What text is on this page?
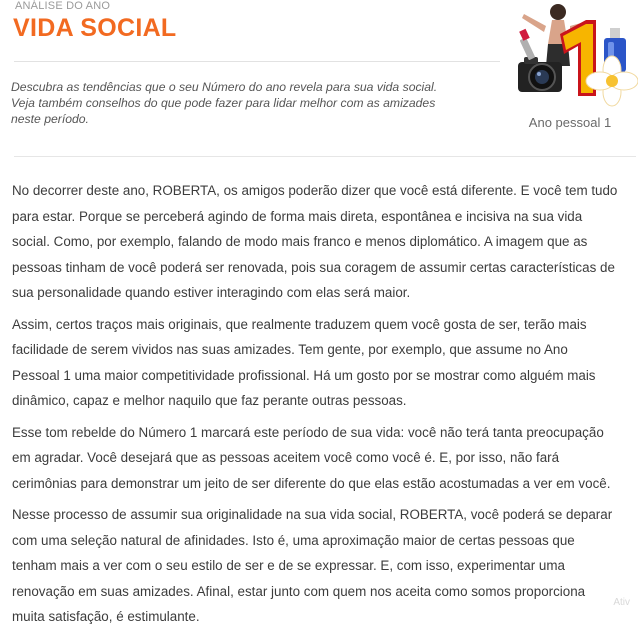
ANÁLISE DO ANO
VIDA SOCIAL

Descubra as tendências que o seu Número do ano revela para sua vida social.

Veja também conselhos do que pode fazer para lidar melhor com as amizades

neste período.	Ano pessoal 1

No decorrer deste ano, ROBERTA, os amigos poderão dizer que você está diferente. E você tem tudo
para estar. Porque se perceberá agindo de forma mais direta, espontânea e incisiva na sua vida
social. Como, por exemplo, falando de modo mais franco e menos diplomático. A imagem que as
pessoas tinham de você poderá ser renovada, pois sua coragem de assumir certas características de
sua personalidade quando estiver interagindo com elas será maior.

Assim, certos traços mais originais, que realmente traduzem quem você gosta de ser, terão mais
facilidade de serem vividos nas suas amizades. Tem gente, por exemplo, que assume no Ano
Pessoal 1 uma maior competitividade profissional. Há um gosto por se mostrar como alguém mais
dinâmico, capaz e melhor naquilo que faz perante outras pessoas.

Esse tom rebelde do Número 1 marcará este período de sua vida: você não terá tanta preocupação
em agradar. Você desejará que as pessoas aceitem você como você é. E, por isso, não fará
cerimônias para demonstrar um jeito de ser diferente do que elas estão acostumadas a ver em você.

Nesse processo de assumir sua originalidade na sua vida social, ROBERTA, você poderá se deparar
com uma seleção natural de afinidades. Isto é, uma aproximação maior de certas pessoas que
tenham mais a ver com o seu estilo de ser e de se expressar. E, com isso, experimentar uma
renovação em suas amizades. Afinal, estar junto com quem nos aceita como somos proporciona
muita satisfação, é estimulante.

Ativ
